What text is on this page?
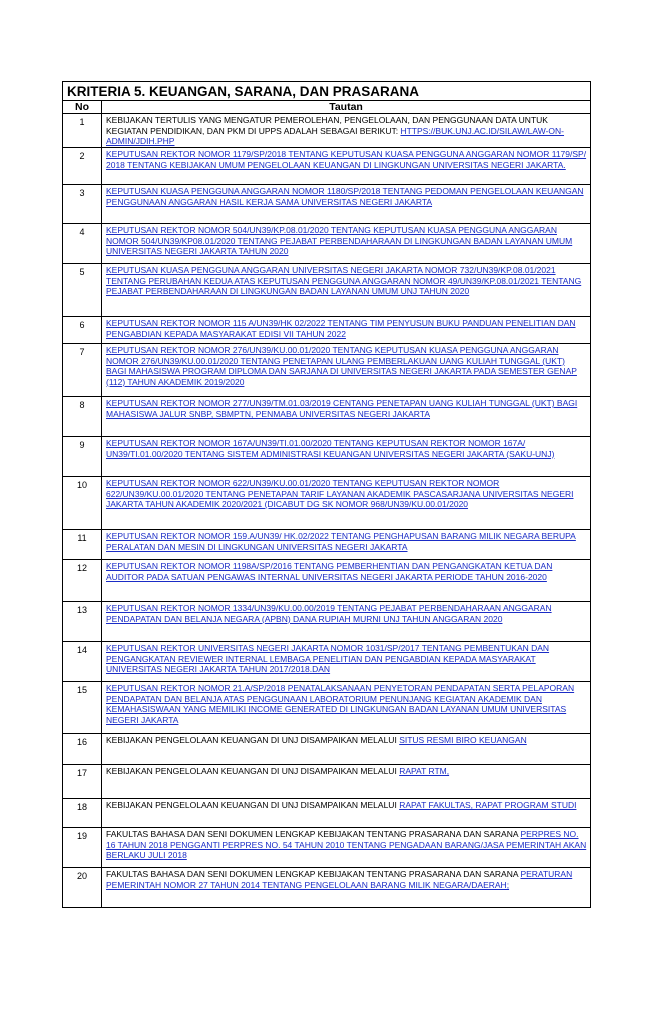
KRITERIA 5. KEUANGAN, SARANA, DAN PRASARANA	
No	Tautan
1	KEBIJAKAN TERTULIS YANG MENGATUR PEMEROLEHAN, PENGELOLAAN, DAN PENGGUNAAN DATA UNTUK KEGIATAN PENDIDIKAN, DAN PKM DI UPPS ADALAH SEBAGAI BERIKUT: HTTPS://BUK.UNJ.AC.ID/SILAW/LAW-ON-ADMIN/JDIH.PHP
2	KEPUTUSAN REKTOR NOMOR 1179/SP/2018 TENTANG KEPUTUSAN KUASA PENGGUNA ANGGARAN NOMOR 1179/SP/ 2018 TENTANG KEBIJAKAN UMUM PENGELOLAAN KEUANGAN DI LINGKUNGAN UNIVERSITAS NEGERI JAKARTA.
3	KEPUTUSAN KUASA PENGGUNA ANGGARAN NOMOR 1180/SP/2018 TENTANG PEDOMAN PENGELOLAAN KEUANGAN PENGGUNAAN ANGGARAN HASIL KERJA SAMA UNIVERSITAS NEGERI JAKARTA
4	KEPUTUSAN REKTOR NOMOR 504/UN39/KP.08.01/2020 TENTANG KEPUTUSAN KUASA PENGGUNA ANGGARAN NOMOR 504/UN39/KP08.01/2020 TENTANG PEJABAT PERBENDAHARAAN DI LINGKUNGAN BADAN LAYANAN UMUM UNIVERSITAS NEGERI JAKARTA TAHUN 2020
5	KEPUTUSAN KUASA PENGGUNA ANGGARAN UNIVERSITAS NEGERI JAKARTA NOMOR 732/UN39/KP.08.01/2021 TENTANG PERUBAHAN KEDUA ATAS KEPUTUSAN PENGGUNA ANGGARAN NOMOR 49/UN39/KP.08.01/2021 TENTANG PEJABAT PERBENDAHARAAN DI LINGKUNGAN BADAN LAYANAN UMUM UNJ TAHUN 2020
6	KEPUTUSAN REKTOR NOMOR 115 A/UN39/HK 02/2022 TENTANG TIM PENYUSUN BUKU PANDUAN PENELITIAN DAN PENGABDIAN KEPADA MASYARAKAT EDISI VII TAHUN 2022
7	KEPUTUSAN REKTOR NOMOR 276/UN39/KU.00.01/2020 TENTANG KEPUTUSAN KUASA PENGGUNA ANGGARAN NOMOR 276/UN39/KU.00.01/2020 TENTANG PENETAPAN ULANG PEMBERLAKUAN UANG KULIAH TUNGGAL (UKT) BAGI MAHASISWA PROGRAM DIPLOMA DAN SARJANA DI UNIVERSITAS NEGERI JAKARTA PADA SEMESTER GENAP (112) TAHUN AKADEMIK 2019/2020
8	KEPUTUSAN REKTOR NOMOR 277/UN39/TM.01.03/2019 CENTANG PENETAPAN UANG KULIAH TUNGGAL (UKT) BAGI MAHASISWA JALUR SNBP, SBMPTN, PENMABA UNIVERSITAS NEGERI JAKARTA
9	KEPUTUSAN REKTOR NOMOR 167A/UN39/TI.01.00/2020 TENTANG KEPUTUSAN REKTOR NOMOR 167A/ UN39/TI.01.00/2020 TENTANG SISTEM ADMINISTRASI KEUANGAN UNIVERSITAS NEGERI JAKARTA (SAKU-UNJ)
10	KEPUTUSAN REKTOR NOMOR 622/UN39/KU.00.01/2020 TENTANG KEPUTUSAN REKTOR NOMOR 622/UN39/KU.00.01/2020 TENTANG PENETAPAN TARIF LAYANAN AKADEMIK PASCASARJANA UNIVERSITAS NEGERI JAKARTA TAHUN AKADEMIK 2020/2021 (DICABUT DG SK NOMOR 968/UN39/KU.00.01/2020
11	KEPUTUSAN REKTOR NOMOR 159.A/UN39/ HK.02/2022 TENTANG PENGHAPUSAN BARANG MILIK NEGARA BERUPA PERALATAN DAN MESIN DI LINGKUNGAN UNIVERSITAS NEGERI JAKARTA
12	KEPUTUSAN REKTOR NOMOR 1198A/SP/2016 TENTANG PEMBERHENTIAN DAN PENGANGKATAN KETUA DAN AUDITOR PADA SATUAN PENGAWAS INTERNAL UNIVERSITAS NEGERI JAKARTA PERIODE TAHUN 2016-2020
13	KEPUTUSAN REKTOR NOMOR 1334/UN39/KU.00.00/2019 TENTANG PEJABAT PERBENDAHARAAN ANGGARAN PENDAPATAN DAN BELANJA NEGARA (APBN) DANA RUPIAH MURNI UNJ TAHUN ANGGARAN 2020
14	KEPUTUSAN REKTOR UNIVERSITAS NEGERI JAKARTA NOMOR 1031/SP/2017 TENTANG PEMBENTUKAN DAN PENGANGKATAN REVIEWER INTERNAL LEMBAGA PENELITIAN DAN PENGABDIAN KEPADA MASYARAKAT UNIVERSITAS NEGERI JAKARTA TAHUN 2017/2018.DAN
15	KEPUTUSAN REKTOR NOMOR 21.A/SP/2018 PENATALAKSANAAN PENYETORAN PENDAPATAN SERTA PELAPORAN PENDAPATAN DAN BELANJA ATAS PENGGUNAAN LABORATORIUM PENUNJANG KEGIATAN AKADEMIK DAN KEMAHASISWAAN YANG MEMILIKI INCOME GENERATED DI LINGKUNGAN BADAN LAYANAN UMUM UNIVERSITAS NEGERI JAKARTA
16	KEBIJAKAN PENGELOLAAN KEUANGAN DI UNJ DISAMPAIKAN MELALUI SITUS RESMI BIRO KEUANGAN
17	KEBIJAKAN PENGELOLAAN KEUANGAN DI UNJ DISAMPAIKAN MELALUI RAPAT RTM,
18	KEBIJAKAN PENGELOLAAN KEUANGAN DI UNJ DISAMPAIKAN MELALUI RAPAT FAKULTAS, RAPAT PROGRAM STUDI
19	FAKULTAS BAHASA DAN SENI DOKUMEN LENGKAP KEBIJAKAN TENTANG PRASARANA DAN SARANA PERPRES NO. 16 TAHUN 2018 PENGGANTI PERPRES NO. 54 TAHUN 2010 TENTANG PENGADAAN BARANG/JASA PEMERINTAH AKAN BERLAKU JULI 2018
20	FAKULTAS BAHASA DAN SENI DOKUMEN LENGKAP KEBIJAKAN TENTANG PRASARANA DAN SARANA PERATURAN PEMERINTAH NOMOR 27 TAHUN 2014 TENTANG PENGELOLAAN BARANG MILIK NEGARA/DAERAH;
